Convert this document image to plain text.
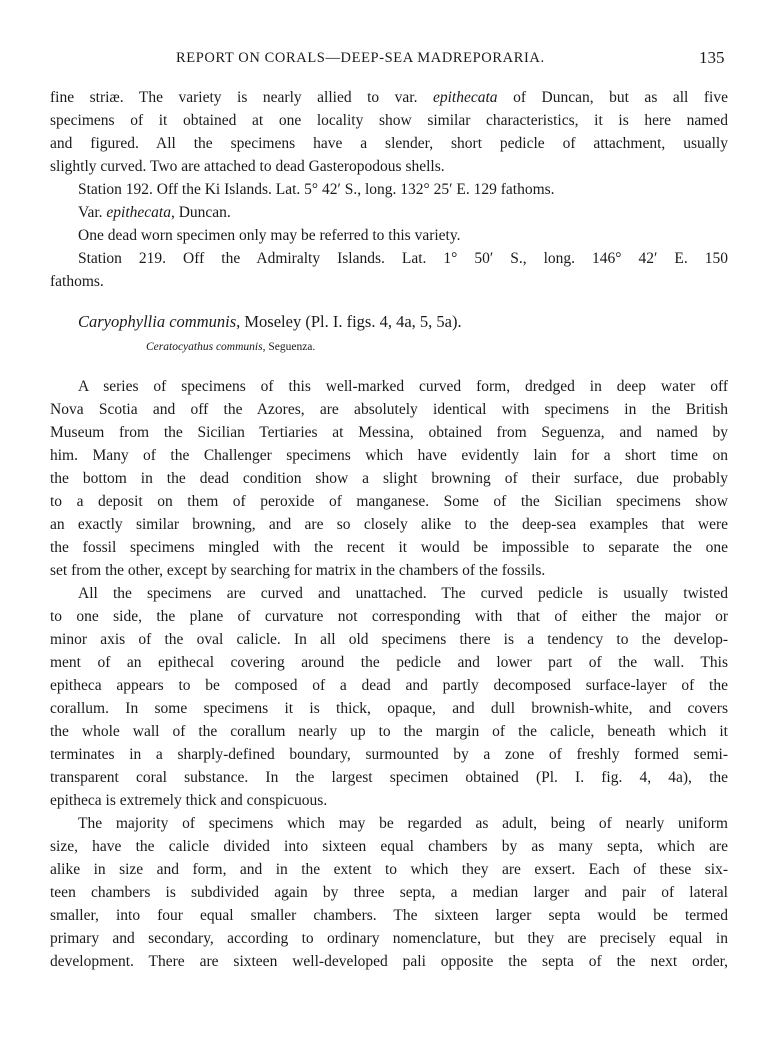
REPORT ON CORALS—DEEP-SEA MADREPORARIA.	135
fine striæ. The variety is nearly allied to var. epithecata of Duncan, but as all five
specimens of it obtained at one locality show similar characteristics, it is here named
and figured. All the specimens have a slender, short pedicle of attachment, usually
slightly curved. Two are attached to dead Gasteropodous shells.
Station 192. Off the Ki Islands. Lat. 5° 42′ S., long. 132° 25′ E. 129 fathoms.
Var. epithecata, Duncan.
One dead worn specimen only may be referred to this variety.
Station 219. Off the Admiralty Islands. Lat. 1° 50′ S., long. 146° 42′ E. 150
fathoms.
Caryophyllia communis, Moseley (Pl. I. figs. 4, 4a, 5, 5a).
Ceratocyathus communis, Seguenza.
A series of specimens of this well-marked curved form, dredged in deep water off
Nova Scotia and off the Azores, are absolutely identical with specimens in the British
Museum from the Sicilian Tertiaries at Messina, obtained from Seguenza, and named by
him. Many of the Challenger specimens which have evidently lain for a short time on
the bottom in the dead condition show a slight browning of their surface, due probably
to a deposit on them of peroxide of manganese. Some of the Sicilian specimens show
an exactly similar browning, and are so closely alike to the deep-sea examples that were
the fossil specimens mingled with the recent it would be impossible to separate the one
set from the other, except by searching for matrix in the chambers of the fossils.
All the specimens are curved and unattached. The curved pedicle is usually twisted
to one side, the plane of curvature not corresponding with that of either the major or
minor axis of the oval calicle. In all old specimens there is a tendency to the develop-
ment of an epithecal covering around the pedicle and lower part of the wall. This
epitheca appears to be composed of a dead and partly decomposed surface-layer of the
corallum. In some specimens it is thick, opaque, and dull brownish-white, and covers
the whole wall of the corallum nearly up to the margin of the calicle, beneath which it
terminates in a sharply-defined boundary, surmounted by a zone of freshly formed semi-
transparent coral substance. In the largest specimen obtained (Pl. I. fig. 4, 4a), the
epitheca is extremely thick and conspicuous.
The majority of specimens which may be regarded as adult, being of nearly uniform
size, have the calicle divided into sixteen equal chambers by as many septa, which are
alike in size and form, and in the extent to which they are exsert. Each of these six-
teen chambers is subdivided again by three septa, a median larger and pair of lateral
smaller, into four equal smaller chambers. The sixteen larger septa would be termed
primary and secondary, according to ordinary nomenclature, but they are precisely equal in
development. There are sixteen well-developed pali opposite the septa of the next order,
